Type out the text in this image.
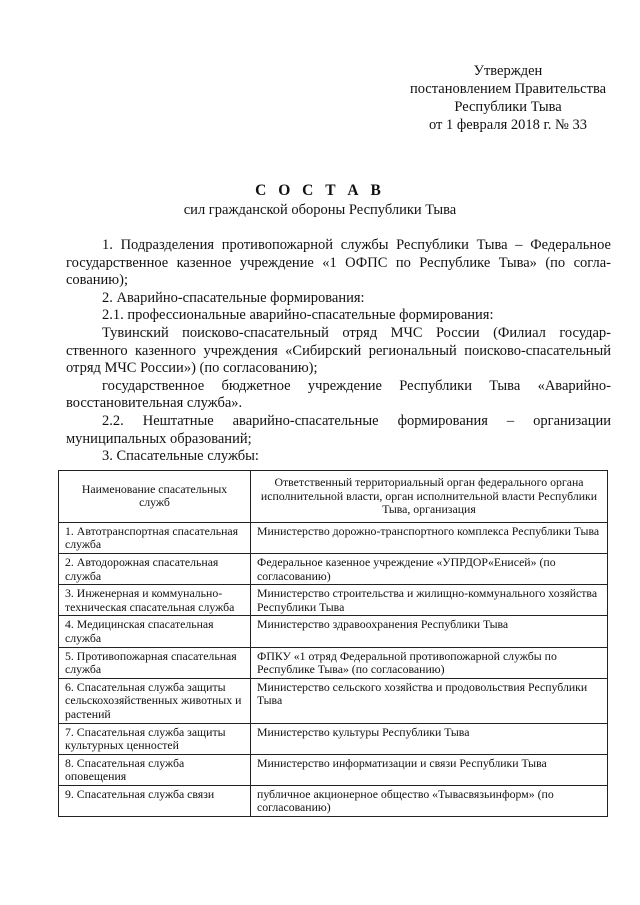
Утвержден
постановлением Правительства
Республики Тыва
от 1 февраля 2018 г. № 33
С О С Т А В
сил гражданской обороны Республики Тыва

1. Подразделения противопожарной службы Республики Тыва – Федеральное государственное казенное учреждение «1 ОФПС по Республике Тыва» (по согла-сованию);

2. Аварийно-спасательные формирования:

2.1. профессиональные аварийно-спасательные формирования:

Тувинский поисково-спасательный отряд МЧС России (Филиал государ-ственного казенного учреждения «Сибирский региональный поисково-спасательный отряд МЧС России») (по согласованию);

государственное бюджетное учреждение Республики Тыва «Аварийно-восстановительная служба».

2.2. Нештатные аварийно-спасательные формирования – организации муниципальных образований;

3. Спасательные службы:

Наименование спасательных служб	Ответственный территориальный орган федерального органа исполнительной власти, орган исполнительной власти Республики Тыва, организация
1. Автотранспортная спасательная служба	Министерство дорожно-транспортного комплекса Республики Тыва
2. Автодорожная спасательная служба	Федеральное казенное учреждение «УПРДОР«Енисей» (по согласованию)
3. Инженерная и коммунально-техническая спасательная служба	Министерство строительства и жилищно-коммунального хозяйства Республики Тыва
4. Медицинская спасательная служба	Министерство здравоохранения Республики Тыва
5. Противопожарная спасательная служба	ФПКУ «1 отряд Федеральной противопожарной службы по Республике Тыва» (по согласованию)
6. Спасательная служба защиты сельскохозяйственных животных и растений	Министерство сельского хозяйства и продовольствия Республики Тыва
7. Спасательная служба защиты культурных ценностей	Министерство культуры Республики Тыва
8. Спасательная служба оповещения	Министерство информатизации и связи Республики Тыва
9. Спасательная служба связи	публичное акционерное общество «Тывасвязьинформ» (по согласованию)
